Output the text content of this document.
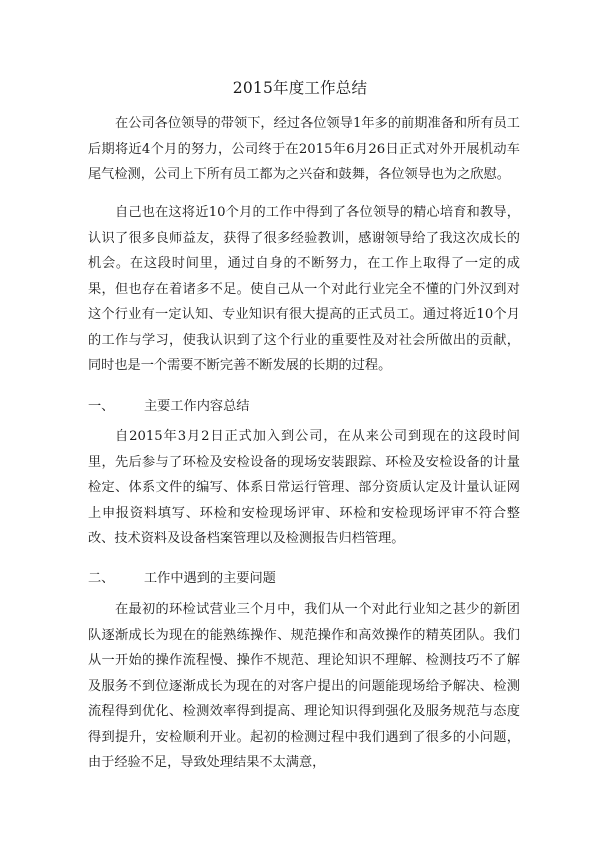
2015年度工作总结

在公司各位领导的带领下，经过各位领导1年多的前期准备和所有员工后期将近4个月的努力，公司终于在2015年6月26日正式对外开展机动车尾气检测，公司上下所有员工都为之兴奋和鼓舞，各位领导也为之欣慰。

自己也在这将近10个月的工作中得到了各位领导的精心培育和教导，认识了很多良师益友，获得了很多经验教训，感谢领导给了我这次成长的机会。在这段时间里，通过自身的不断努力，在工作上取得了一定的成果，但也存在着诸多不足。使自己从一个对此行业完全不懂的门外汉到对这个行业有一定认知、专业知识有很大提高的正式员工。通过将近10个月的工作与学习，使我认识到了这个行业的重要性及对社会所做出的贡献，同时也是一个需要不断完善不断发展的长期的过程。

一、 主要工作内容总结

自2015年3月2日正式加入到公司，在从来公司到现在的这段时间里，先后参与了环检及安检设备的现场安装跟踪、环检及安检设备的计量检定、体系文件的编写、体系日常运行管理、部分资质认定及计量认证网上申报资料填写、环检和安检现场评审、环检和安检现场评审不符合整改、技术资料及设备档案管理以及检测报告归档管理。

二、 工作中遇到的主要问题

在最初的环检试营业三个月中，我们从一个对此行业知之甚少的新团队逐渐成长为现在的能熟练操作、规范操作和高效操作的精英团队。我们从一开始的操作流程慢、操作不规范、理论知识不理解、检测技巧不了解及服务不到位逐渐成长为现在的对客户提出的问题能现场给予解决、检测流程得到优化、检测效率得到提高、理论知识得到强化及服务规范与态度得到提升，安检顺利开业。起初的检测过程中我们遇到了很多的小问题，由于经验不足，导致处理结果不太满意，
